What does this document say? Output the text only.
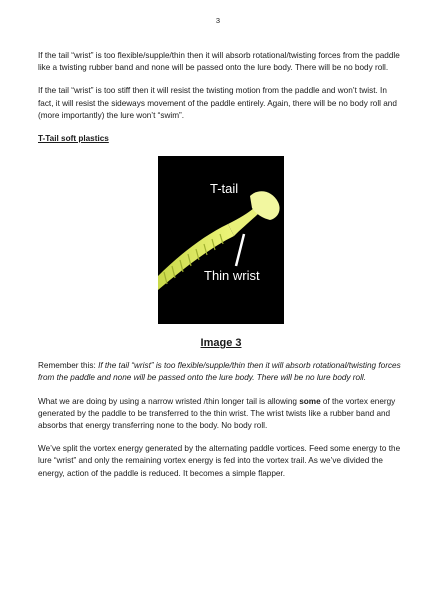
3

If the tail “wrist” is too flexible/supple/thin then it will absorb rotational/twisting forces from the paddle like a twisting rubber band and none will be passed onto the lure body. There will be no body roll.

If the tail “wrist” is too stiff then it will resist the twisting motion from the paddle and won’t twist. In fact, it will resist the sideways movement of the paddle entirely. Again, there will be no body roll and (more importantly) the lure won’t “swim”.

T-Tail soft plastics
T-tail
Thin wrist
Image 3

Remember this: If the tail “wrist” is too flexible/supple/thin then it will absorb rotational/twisting forces from the paddle and none will be passed onto the lure body. There will be no lure body roll.

What we are doing by using a narrow wristed /thin longer tail is allowing some of the vortex energy generated by the paddle to be transferred to the thin wrist. The wrist twists like a rubber band and absorbs that energy transferring none to the body. No body roll.

We’ve split the vortex energy generated by the alternating paddle vortices. Feed some energy to the lure “wrist” and only the remaining vortex energy is fed into the vortex trail. As we’ve divided the energy, action of the paddle is reduced. It becomes a simple flapper.
